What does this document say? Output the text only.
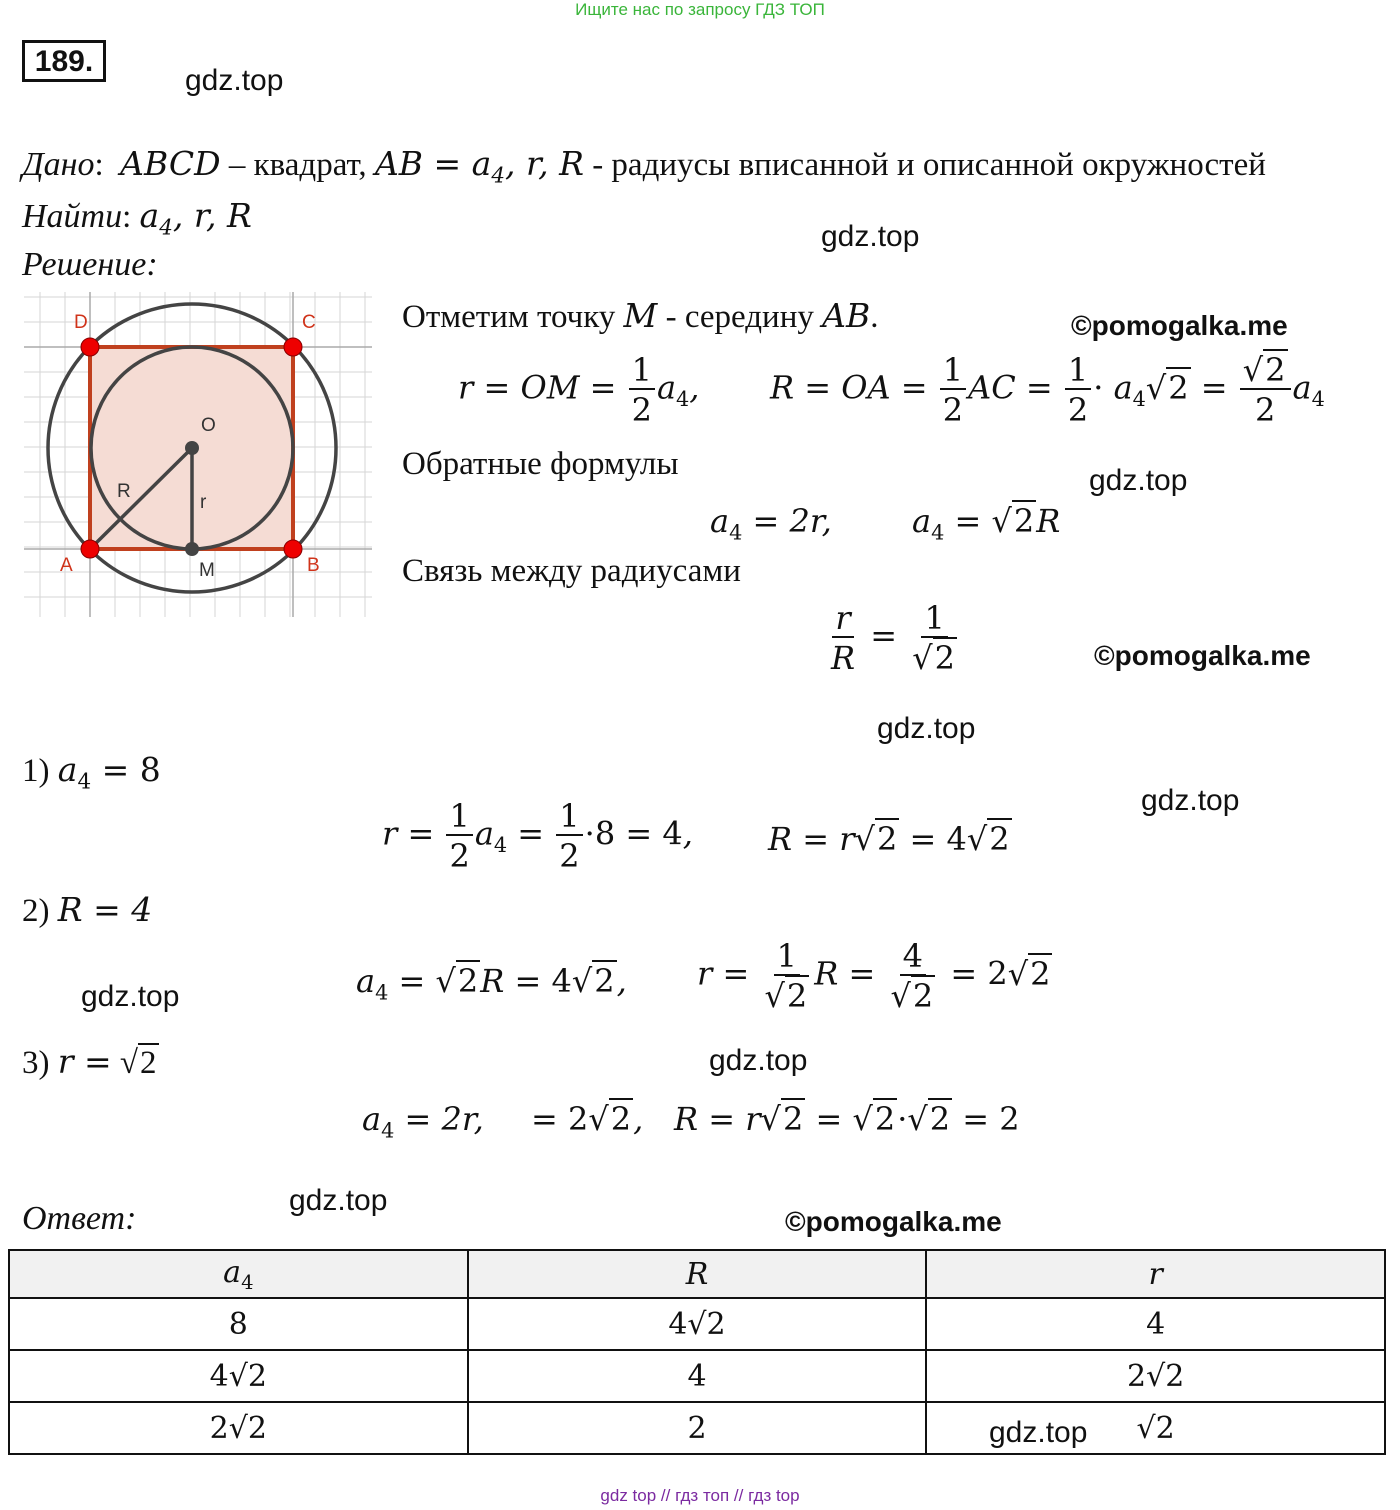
Ищите нас по запросу ГДЗ ТОП
189.
gdz.top
gdz.top
gdz.top
gdz.top
gdz.top
gdz.top
gdz.top
gdz.top
©pomogalka.me
©pomogalka.me
©pomogalka.me
Дано: ABCD – квадрат, AB = $a_4$, r, R - радиусы вписанной и описанной окружностей
Найти: $a_4$, r, R
Решение:
D	C
A	B
O
M
R
r
Отметим точку M - середину AB.
r = OM = $\frac{1}{2} a_4$, R = OA = $\frac{1}{2}$ AC = $\frac{1}{2} \cdot a_4√2 = \frac{√2}{2} a_4$
Обратные формулы
$a_4 = 2r$,	$a_4 = √2R$
Связь между радиусами
$\frac{r}{R} = \frac{1}{√2}$
1) $a_4 = 8$
$r = \frac{1}{2} a_4 = \frac{1}{2} \cdot 8 = 4$, R = r√2 = 4√2
2) R = 4
$a_4 = √2R = 4√2$, $r = \frac{1}{√2}$ $R = \frac{4}{√2} = 2√2$
3) r = √2
$a_4 = 2r$, = 2√2, R = r√2 = √2·√2 = 2
Ответ:
$a_4$	R	r
8	4√2	4
4√2	4	2√2
2√2	2	√2
gdz.top
gdz top // гдз топ // гдз top
